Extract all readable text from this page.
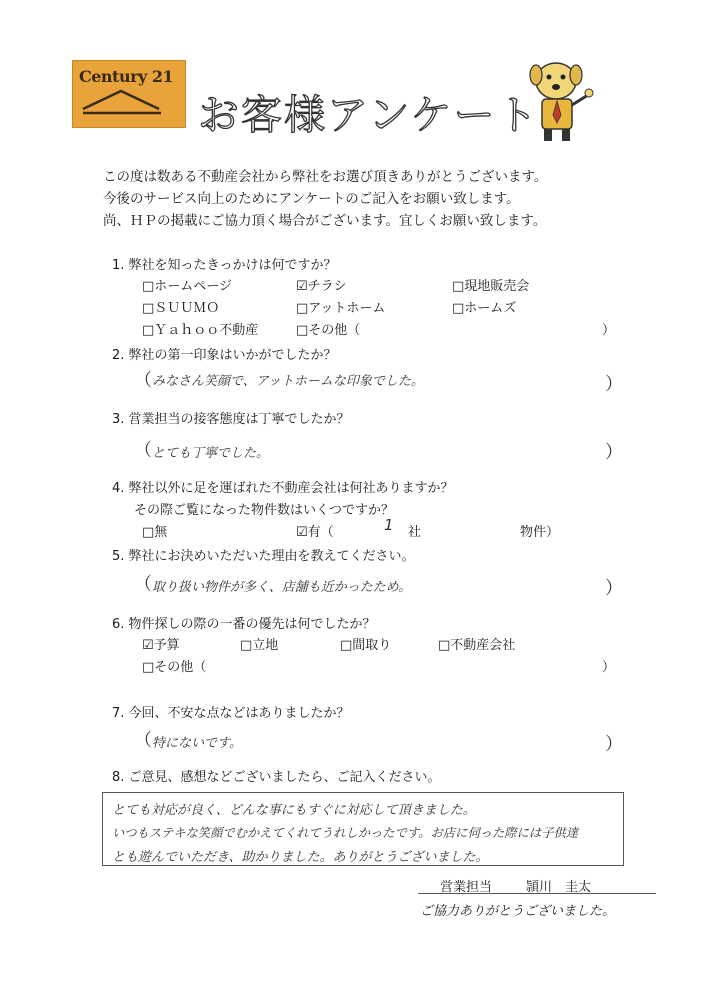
Century 21
お客様アンケート
この度は数ある不動産会社から弊社をお選び頂きありがとうございます。
今後のサービス向上のためにアンケートのご記入をお願い致します。
尚、ＨＰの掲載にご協力頂く場合がございます。宜しくお願い致します。
1. 弊社を知ったきっかけは何ですか？
□ホームページ	☑チラシ	□現地販売会
□ＳＵＵＭＯ	□アットホーム	□ホームズ
□Ｙａｈｏｏ不動産	□その他（	）
2. 弊社の第一印象はいかがでしたか？
（ みなさん笑顔で、アットホームな印象でした。	）
3. 営業担当の接客態度は丁寧でしたか？
（ とても丁寧でした。	）
4. 弊社以外に足を運ばれた不動産会社は何社ありますか？
その際ご覧になった物件数はいくつですか？
□無	☑有（	1 社	物件）
5. 弊社にお決めいただいた理由を教えてください。
（ 取り扱い物件が多く、店舗も近かったため。	）
6. 物件探しの際の一番の優先は何でしたか？
☑予算	□立地	□間取り	□不動産会社
□その他（	）
7. 今回、不安な点などはありましたか？
（ 特にないです。	）
8. ご意見、感想などございましたら、ご記入ください。
とても対応が良く、どんな事にもすぐに対応して頂きました。
いつもステキな笑顔でむかえてくれてうれしかったです。お店に伺った際には子供達
とも遊んでいただき、助かりました。ありがとうございました。
営業担当	頴川　圭太
ご協力ありがとうございました。
